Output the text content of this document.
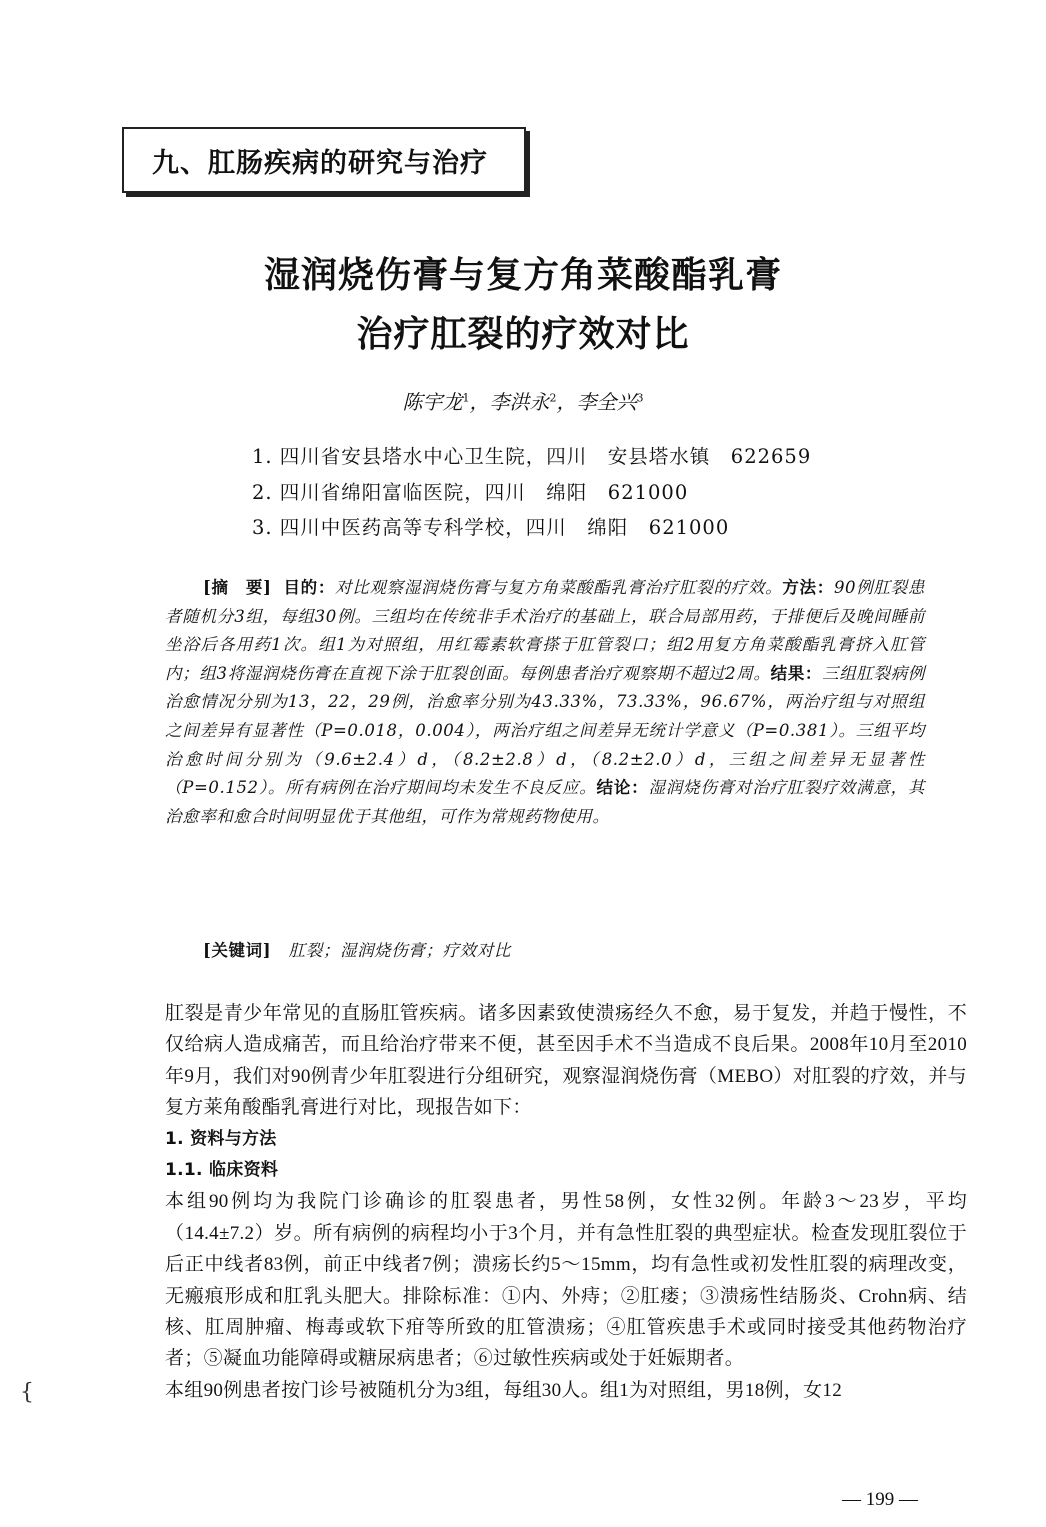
九、肛肠疾病的研究与治疗
湿润烧伤膏与复方角菜酸酯乳膏
治疗肛裂的疗效对比
陈宇龙$^1$，李洪永$^2$，李全兴$^3$
1. 四川省安县塔水中心卫生院，四川　安县塔水镇　622659
2. 四川省绵阳富临医院，四川　绵阳　621000
3. 四川中医药高等专科学校，四川　绵阳　621000
[摘　要] 目的：对比观察湿润烧伤膏与复方角菜酸酯乳膏治疗肛裂的疗效。方法：90例肛裂患者随机分3组，每组30例。三组均在传统非手术治疗的基础上，联合局部用药，于排便后及晚间睡前坐浴后各用药1次。组1为对照组，用红霉素软膏搽于肛管裂口；组2用复方角菜酸酯乳膏挤入肛管内；组3将湿润烧伤膏在直视下涂于肛裂创面。每例患者治疗观察期不超过2周。结果：三组肛裂病例治愈情况分别为13，22，29例，治愈率分别为43.33%，73.33%，96.67%，两治疗组与对照组之间差异有显著性（P=0.018，0.004），两治疗组之间差异无统计学意义（P=0.381）。三组平均治愈时间分别为（9.6±2.4）d，（8.2±2.8）d，（8.2±2.0）d，三组之间差异无显著性（P=0.152）。所有病例在治疗期间均未发生不良反应。结论：湿润烧伤膏对治疗肛裂疗效满意，其治愈率和愈合时间明显优于其他组，可作为常规药物使用。
[关键词] 肛裂；湿润烧伤膏；疗效对比

肛裂是青少年常见的直肠肛管疾病。诸多因素致使溃疡经久不愈，易于复发，并趋于慢性，不仅给病人造成痛苦，而且给治疗带来不便，甚至因手术不当造成不良后果。2008年10月至2010年9月，我们对90例青少年肛裂进行分组研究，观察湿润烧伤膏（MEBO）对肛裂的疗效，并与复方莱角酸酯乳膏进行对比，现报告如下：

1. 资料与方法

1.1. 临床资料

本组90例均为我院门诊确诊的肛裂患者，男性58例，女性32例。年龄3～23岁，平均（14.4±7.2）岁。所有病例的病程均小于3个月，并有急性肛裂的典型症状。检查发现肛裂位于后正中线者83例，前正中线者7例；溃疡长约5～15mm，均有急性或初发性肛裂的病理改变，无瘢痕形成和肛乳头肥大。排除标准：①内、外痔；②肛瘘；③溃疡性结肠炎、Crohn病、结核、肛周肿瘤、梅毒或软下疳等所致的肛管溃疡；④肛管疾患手术或同时接受其他药物治疗者；⑤凝血功能障碍或糖尿病患者；⑥过敏性疾病或处于妊娠期者。

本组90例患者按门诊号被随机分为3组，每组30人。组1为对照组，男18例，女12

— 199 —
{
